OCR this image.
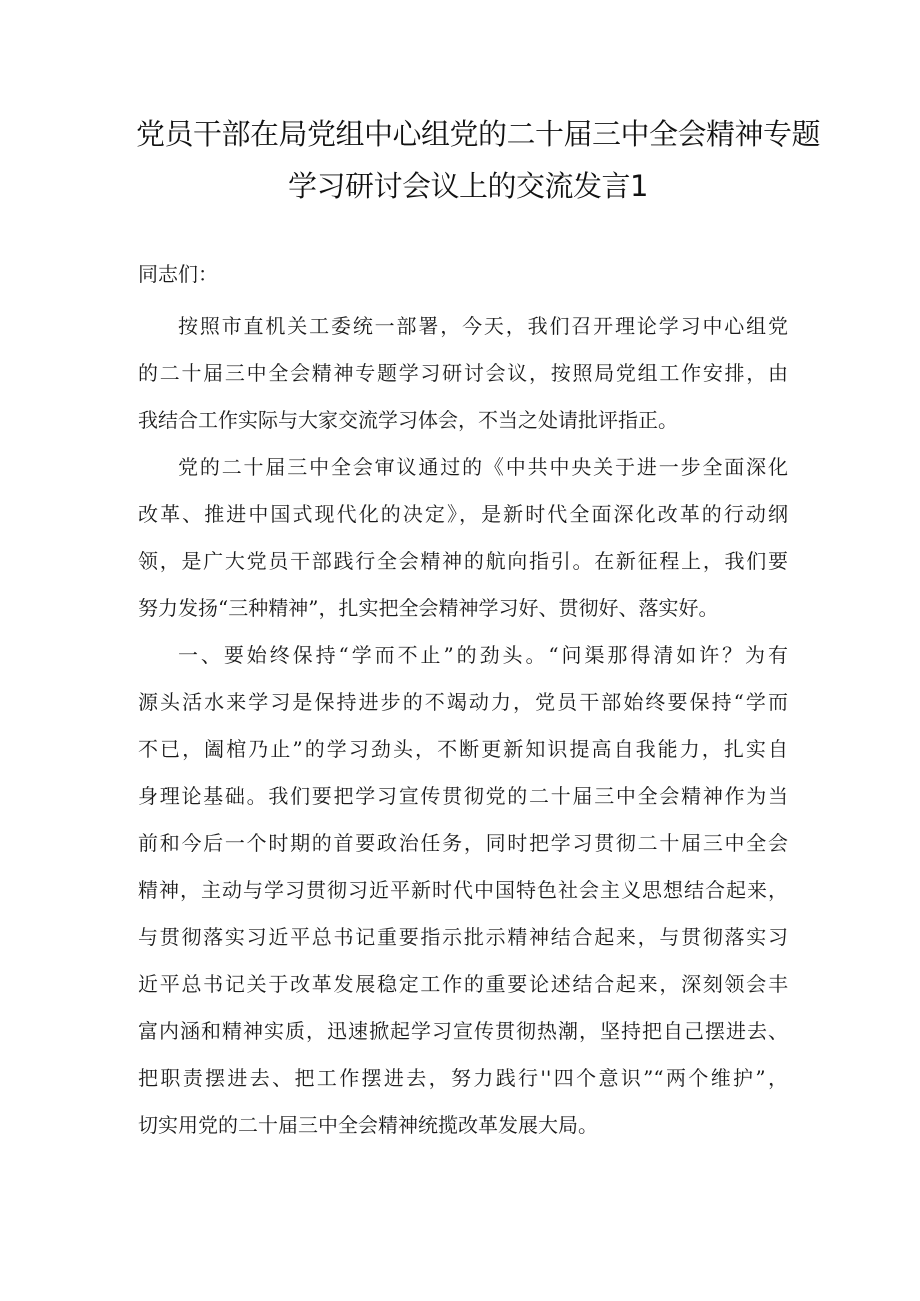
党员干部在局党组中心组党的二十届三中全会精神专题
学习研讨会议上的交流发言1
同志们：
按照市直机关工委统一部署，今天，我们召开理论学习中心组党
的二十届三中全会精神专题学习研讨会议，按照局党组工作安排，由
我结合工作实际与大家交流学习体会，不当之处请批评指正。
党的二十届三中全会审议通过的《中共中央关于进一步全面深化
改革、推进中国式现代化的决定》，是新时代全面深化改革的行动纲
领，是广大党员干部践行全会精神的航向指引。在新征程上，我们要
努力发扬“三种精神”，扎实把全会精神学习好、贯彻好、落实好。
一、要始终保持“学而不止”的劲头。“问渠那得清如许？为有
源头活水来学习是保持进步的不竭动力，党员干部始终要保持“学而
不已，阖棺乃止”的学习劲头，不断更新知识提高自我能力，扎实自
身理论基础。我们要把学习宣传贯彻党的二十届三中全会精神作为当
前和今后一个时期的首要政治任务，同时把学习贯彻二十届三中全会
精神，主动与学习贯彻习近平新时代中国特色社会主义思想结合起来，
与贯彻落实习近平总书记重要指示批示精神结合起来，与贯彻落实习
近平总书记关于改革发展稳定工作的重要论述结合起来，深刻领会丰
富内涵和精神实质，迅速掀起学习宣传贯彻热潮，坚持把自己摆进去、
把职责摆进去、把工作摆进去，努力践行''四个意识”“两个维护”，
切实用党的二十届三中全会精神统揽改革发展大局。
